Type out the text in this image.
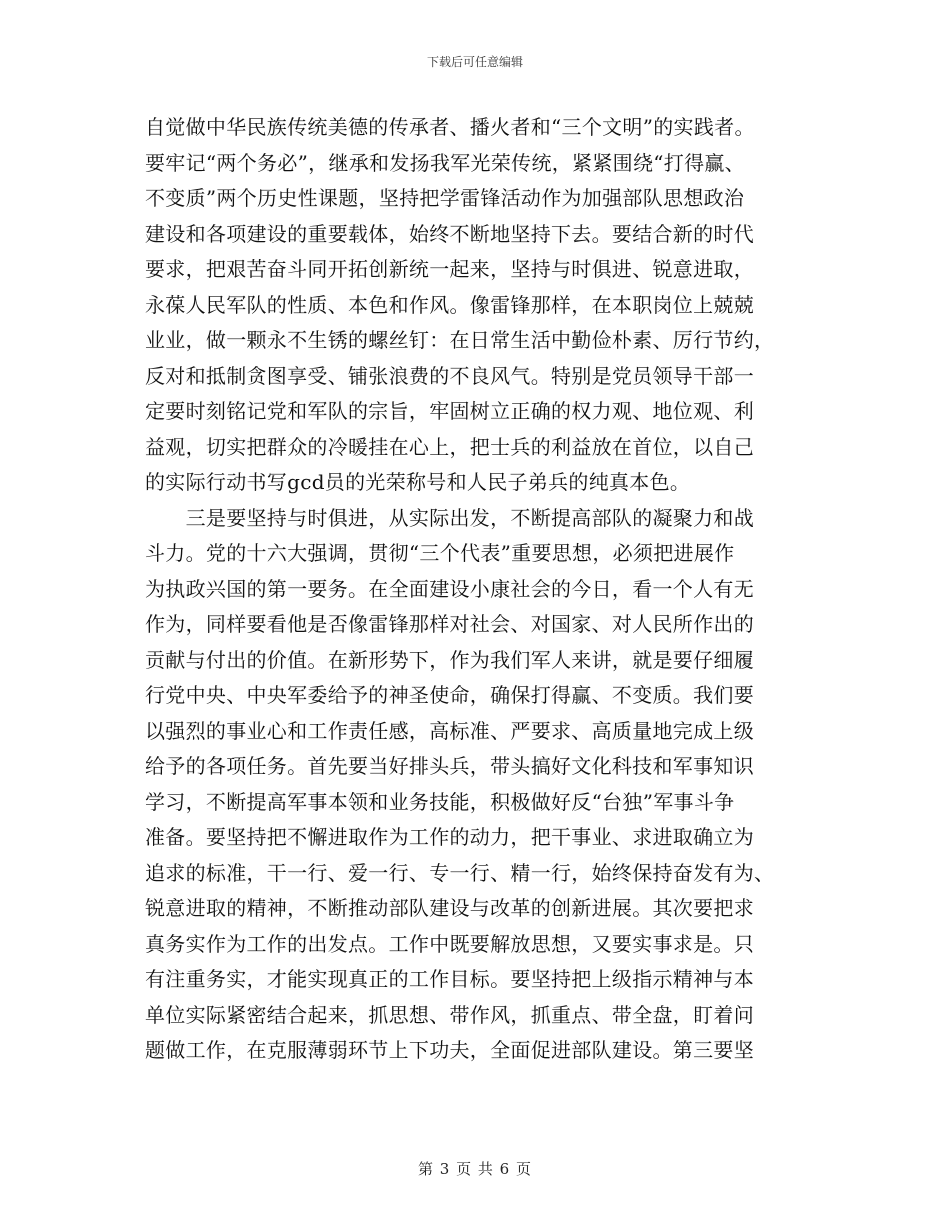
下载后可任意编辑
自觉做中华民族传统美德的传承者、播火者和“三个文明”的实践者。
要牢记“两个务必”，继承和发扬我军光荣传统，紧紧围绕“打得赢、
不变质”两个历史性课题，坚持把学雷锋活动作为加强部队思想政治
建设和各项建设的重要载体，始终不断地坚持下去。要结合新的时代
要求，把艰苦奋斗同开拓创新统一起来，坚持与时俱进、锐意进取，
永葆人民军队的性质、本色和作风。像雷锋那样，在本职岗位上兢兢
业业，做一颗永不生锈的螺丝钉：在日常生活中勤俭朴素、厉行节约，
反对和抵制贪图享受、铺张浪费的不良风气。特别是党员领导干部一
定要时刻铭记党和军队的宗旨，牢固树立正确的权力观、地位观、利
益观，切实把群众的冷暖挂在心上，把士兵的利益放在首位，以自己
的实际行动书写gcd员的光荣称号和人民子弟兵的纯真本色。
　　三是要坚持与时俱进，从实际出发，不断提高部队的凝聚力和战
斗力。党的十六大强调，贯彻“三个代表”重要思想，必须把进展作
为执政兴国的第一要务。在全面建设小康社会的今日，看一个人有无
作为，同样要看他是否像雷锋那样对社会、对国家、对人民所作出的
贡献与付出的价值。在新形势下，作为我们军人来讲，就是要仔细履
行党中央、中央军委给予的神圣使命，确保打得赢、不变质。我们要
以强烈的事业心和工作责任感，高标准、严要求、高质量地完成上级
给予的各项任务。首先要当好排头兵，带头搞好文化科技和军事知识
学习，不断提高军事本领和业务技能，积极做好反“台独”军事斗争
准备。要坚持把不懈进取作为工作的动力，把干事业、求进取确立为
追求的标准，干一行、爱一行、专一行、精一行，始终保持奋发有为、
锐意进取的精神，不断推动部队建设与改革的创新进展。其次要把求
真务实作为工作的出发点。工作中既要解放思想，又要实事求是。只
有注重务实，才能实现真正的工作目标。要坚持把上级指示精神与本
单位实际紧密结合起来，抓思想、带作风，抓重点、带全盘，盯着问
题做工作，在克服薄弱环节上下功夫，全面促进部队建设。第三要坚
第 3 页 共 6 页
